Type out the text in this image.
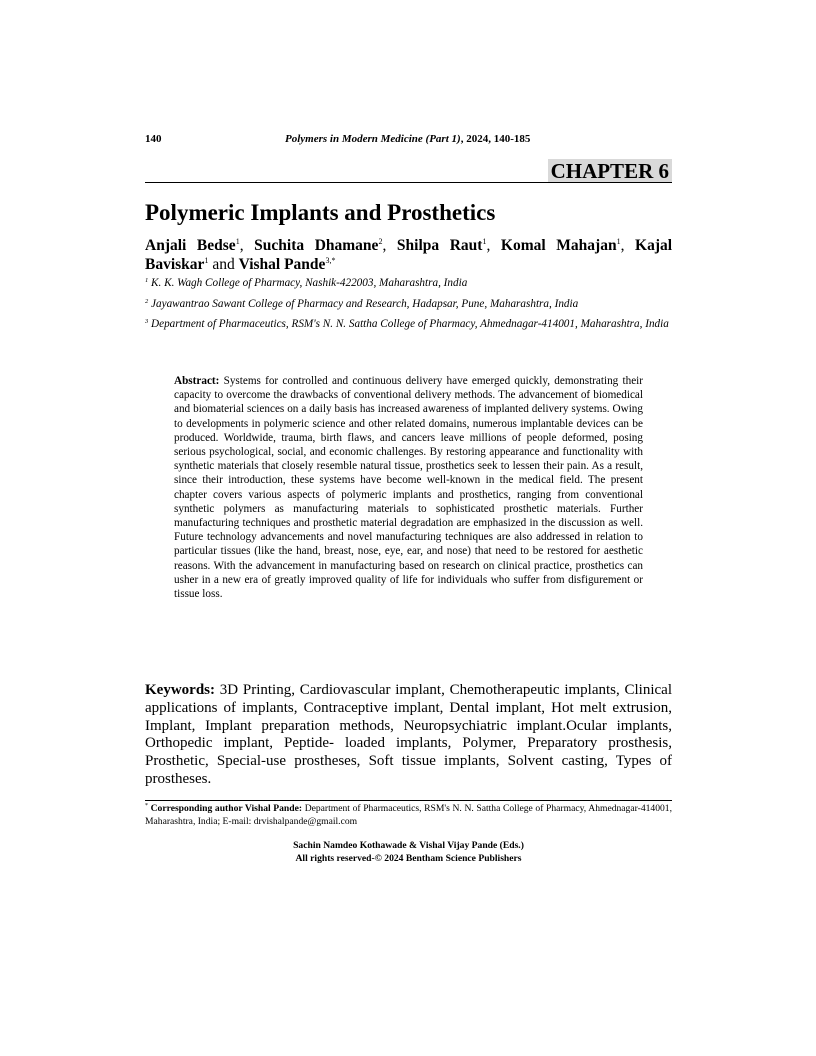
140	Polymers in Modern Medicine (Part 1), 2024, 140-185
CHAPTER 6
Polymeric Implants and Prosthetics
Anjali Bedse$^1$, Suchita Dhamane$^2$, Shilpa Raut$^1$, Komal Mahajan$^1$, Kajal Baviskar$^1$ and Vishal Pande$^{3,*}$
$^1$ K. K. Wagh College of Pharmacy, Nashik-422003, Maharashtra, India
$^2$ Jayawantrao Sawant College of Pharmacy and Research, Hadapsar, Pune, Maharashtra, India
$^3$ Department of Pharmaceutics, RSM's N. N. Sattha College of Pharmacy, Ahmednagar-414001, Maharashtra, India
Abstract: Systems for controlled and continuous delivery have emerged quickly, demonstrating their capacity to overcome the drawbacks of conventional delivery methods. The advancement of biomedical and biomaterial sciences on a daily basis has increased awareness of implanted delivery systems. Owing to developments in polymeric science and other related domains, numerous implantable devices can be produced. Worldwide, trauma, birth flaws, and cancers leave millions of people deformed, posing serious psychological, social, and economic challenges. By restoring appearance and functionality with synthetic materials that closely resemble natural tissue, prosthetics seek to lessen their pain. As a result, since their introduction, these systems have become well-known in the medical field. The present chapter covers various aspects of polymeric implants and prosthetics, ranging from conventional synthetic polymers as manufacturing materials to sophisticated prosthetic materials. Further manufacturing techniques and prosthetic material degradation are emphasized in the discussion as well. Future technology advancements and novel manufacturing techniques are also addressed in relation to particular tissues (like the hand, breast, nose, eye, ear, and nose) that need to be restored for aesthetic reasons. With the advancement in manufacturing based on research on clinical practice, prosthetics can usher in a new era of greatly improved quality of life for individuals who suffer from disfigurement or tissue loss.
Keywords: 3D Printing, Cardiovascular implant, Chemotherapeutic implants, Clinical applications of implants, Contraceptive implant, Dental implant, Hot melt extrusion, Implant, Implant preparation methods, Neuropsychiatric implant.Ocular implants, Orthopedic implant, Peptide- loaded implants, Polymer, Preparatory prosthesis, Prosthetic, Special-use prostheses, Soft tissue implants, Solvent casting, Types of prostheses.
* Corresponding author Vishal Pande: Department of Pharmaceutics, RSM's N. N. Sattha College of Pharmacy, Ahmednagar-414001, Maharashtra, India; E-mail: drvishalpande@gmail.com
Sachin Namdeo Kothawade & Vishal Vijay Pande (Eds.)
All rights reserved-© 2024 Bentham Science Publishers
